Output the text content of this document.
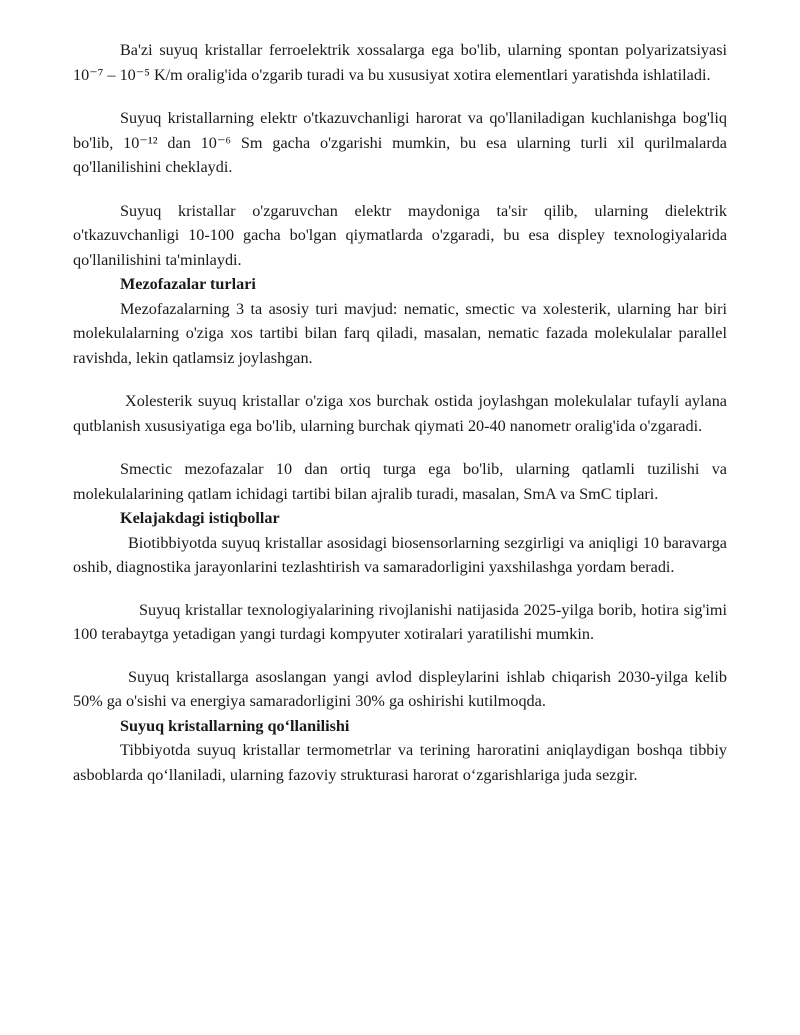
Ba'zi suyuq kristallar ferroelektrik xossalarga ega bo'lib, ularning spontan polyarizatsiyasi 10⁻⁷ – 10⁻⁵ K/m oralig'ida o'zgarib turadi va bu xususiyat xotira elementlari yaratishda ishlatiladi.

Suyuq kristallarning elektr o'tkazuvchanligi harorat va qo'llaniladigan kuchlanishga bog'liq bo'lib, 10⁻¹² dan 10⁻⁶ Sm gacha o'zgarishi mumkin, bu esa ularning turli xil qurilmalarda qo'llanilishini cheklaydi.

Suyuq kristallar o'zgaruvchan elektr maydoniga ta'sir qilib, ularning dielektrik o'tkazuvchanligi 10-100 gacha bo'lgan qiymatlarda o'zgaradi, bu esa displey texnologiyalarida qo'llanilishini ta'minlaydi.

Mezofazalar turlari

Mezofazalarning 3 ta asosiy turi mavjud: nematic, smectic va xolesterik, ularning har biri molekulalarning o'ziga xos tartibi bilan farq qiladi, masalan, nematic fazada molekulalar parallel ravishda, lekin qatlamsiz joylashgan.

Xolesterik suyuq kristallar o'ziga xos burchak ostida joylashgan molekulalar tufayli aylana qutblanish xususiyatiga ega bo'lib, ularning burchak qiymati 20-40 nanometr oralig'ida o'zgaradi.

Smectic mezofazalar 10 dan ortiq turga ega bo'lib, ularning qatlamli tuzilishi va molekulalarining qatlam ichidagi tartibi bilan ajralib turadi, masalan, SmA va SmC tiplari.

Kelajakdagi istiqbollar

Biotibbiyotda suyuq kristallar asosidagi biosensorlarning sezgirligi va aniqligi 10 baravarga oshib, diagnostika jarayonlarini tezlashtirish va samaradorligini yaxshilashga yordam beradi.

Suyuq kristallar texnologiyalarining rivojlanishi natijasida 2025-yilga borib, hotira sig'imi 100 terabaytga yetadigan yangi turdagi kompyuter xotiralari yaratilishi mumkin.

Suyuq kristallarga asoslangan yangi avlod displeylarini ishlab chiqarish 2030-yilga kelib 50% ga o'sishi va energiya samaradorligini 30% ga oshirishi kutilmoqda.

Suyuq kristallarning qo‘llanilishi

Tibbiyotda suyuq kristallar termometrlar va terining haroratini aniqlaydigan boshqa tibbiy asboblarda qo‘llaniladi, ularning fazoviy strukturasi harorat o‘zgarishlariga juda sezgir.
